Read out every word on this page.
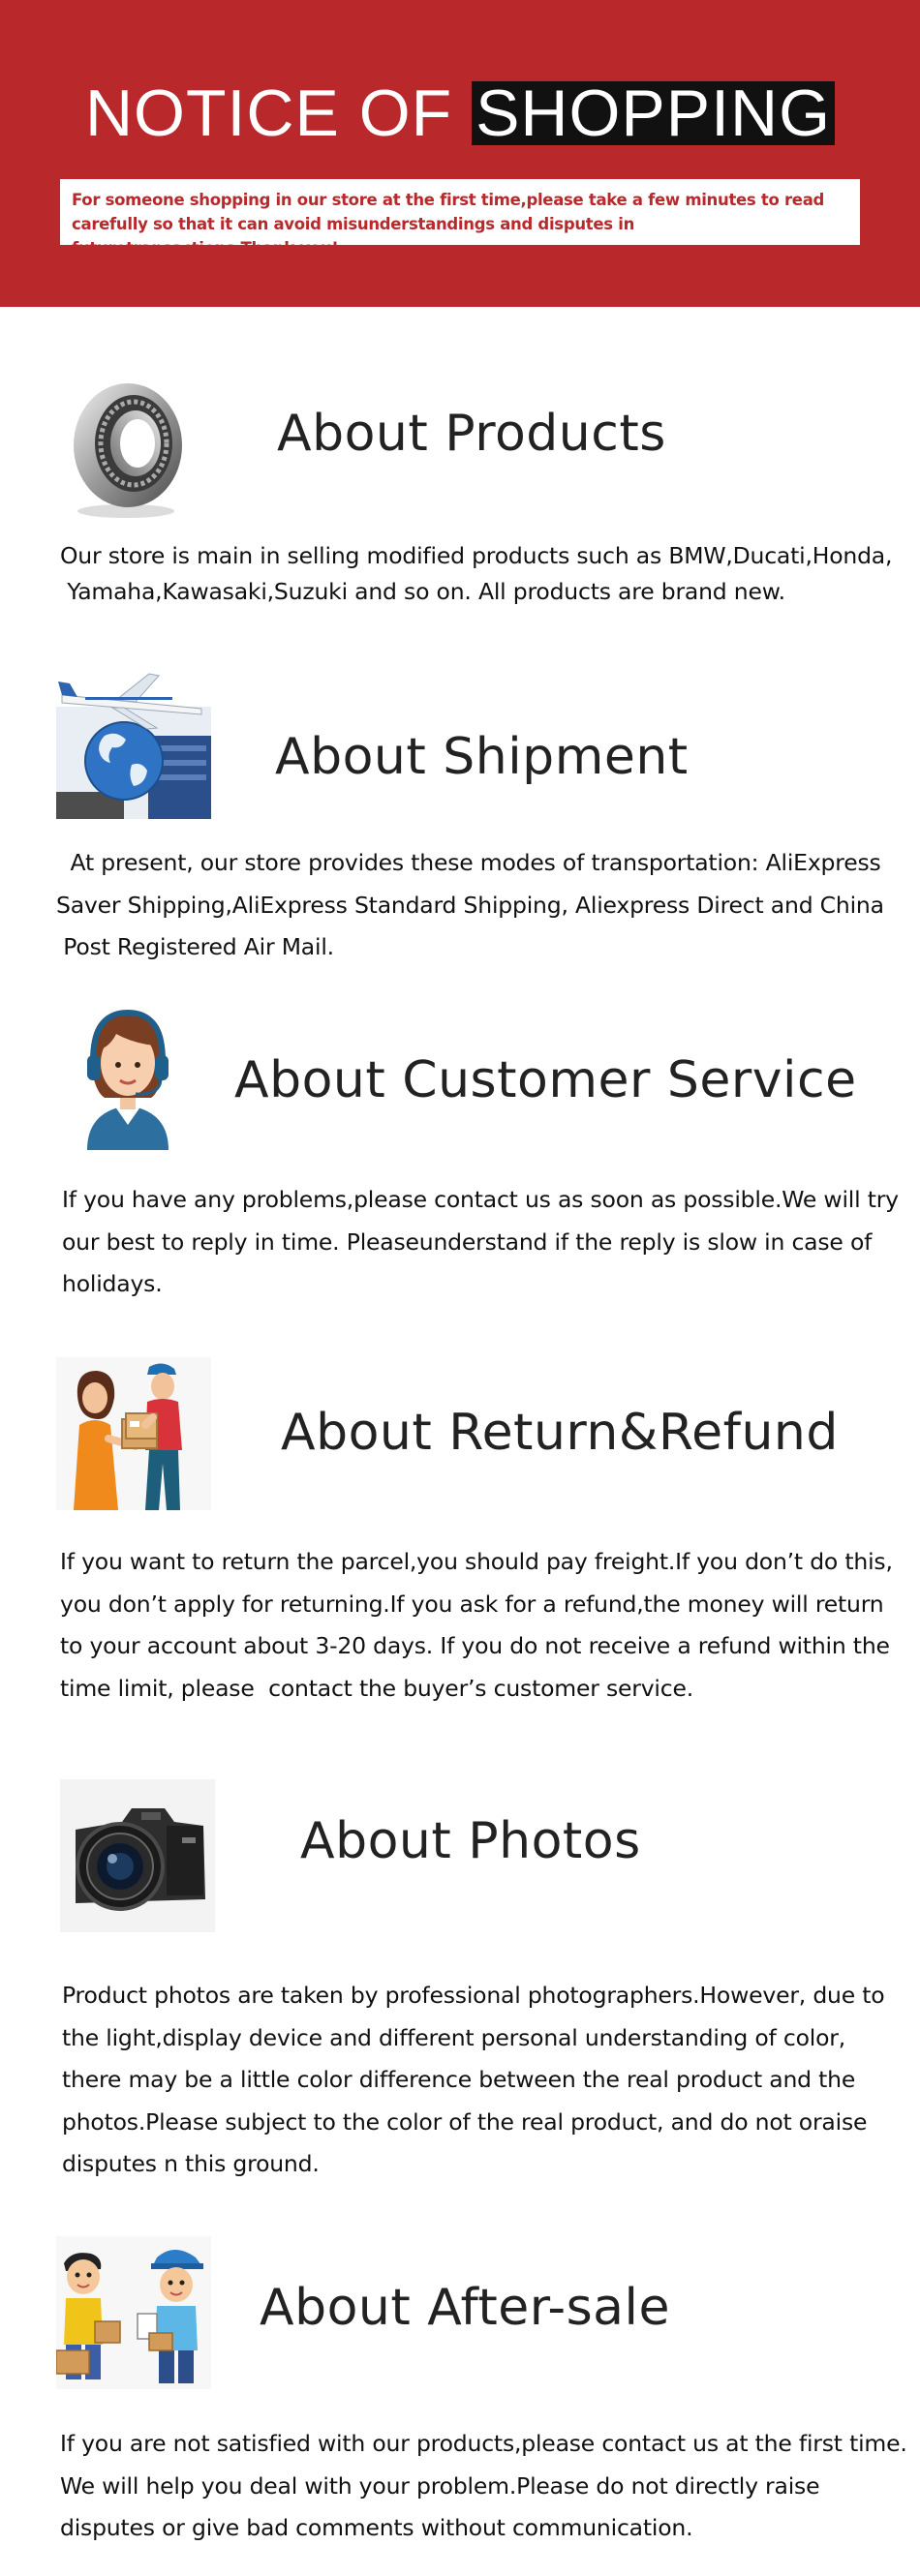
NOTICE OF SHOPPING
For someone shopping in our store at the first time,please take a few minutes to read
carefully so that it can avoid misunderstandings and disputes in futuretransactions.Thank you!
About Products
Our store is main in selling modified products such as BMW,Ducati,Honda,
Yamaha,Kawasaki,Suzuki and so on. All products are brand new.
About Shipment
At present, our store provides these modes of transportation: AliExpress
Saver Shipping,AliExpress Standard Shipping, Aliexpress Direct and China
Post Registered Air Mail.
About Customer Service
If you have any problems,please contact us as soon as possible.We will try
our best to reply in time. Pleaseunderstand if the reply is slow in case of
holidays.
About Return&Refund
If you want to return the parcel,you should pay freight.If you don’t do this,
you don’t apply for returning.If you ask for a refund,the money will return
to your account about 3-20 days. If you do not receive a refund within the
time limit, please  contact the buyer’s customer service.
About Photos
Product photos are taken by professional photographers.However, due to
the light,display device and different personal understanding of color,
there may be a little color difference between the real product and the
photos.Please subject to the color of the real product, and do not oraise
disputes n this ground.
About After-sale
If you are not satisfied with our products,please contact us at the first time.
We will help you deal with your problem.Please do not directly raise
disputes or give bad comments without communication.
